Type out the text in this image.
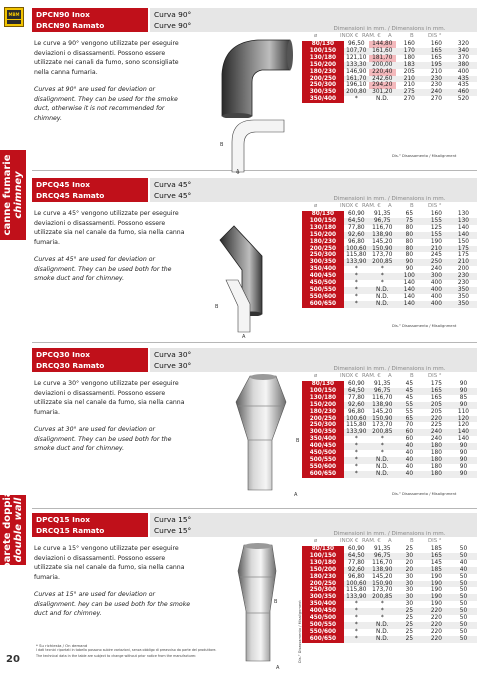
MBM
canne fumarie chimney
parete doppia double wall
DPCN90 Inox
DRCN90 Ramato
Curva 90°
Curve 90°
Le curve a 90° vengono utilizzate per eseguire deviazioni o disassamenti. Possono essere utilizzate nei canali da fumo, sono sconsigliate nella canna fumaria.
Curves at 90° are used for deviation or disalignment. They can be used for the smoke duct, otherwise it is not recommended for chimney.
Dimensioni in mm. / Dimensions in mm.
ø	INOX € RAM. €	A	B	DIS °
80/130	96,50	144,80	160	160	320
100/150	107,70	161,60	170	165	340
130/180	121,10	181,70	180	165	370
150/200	133,30	200,00	183	195	380
180/230	146,90	220,40	205	210	400
200/250	161,70	242,60	210	230	435
250/300	196,10	294,20	210	230	435
300/350	200,80	301,20	275	240	460
350/400	*	N.D.	270	270	520
Dis.° Disassamento / Misalignment
A
B
DPCQ45 Inox
DRCQ45 Ramato
Curva 45°
Curve 45°
Le curve a 45° vengono utilizzate per eseguire deviazioni o disassamenti. Possono essere utilizzate sia nel canale da fumo, sia nella canna fumaria.
Curves at 45° are used for deviation or disalignment. They can be used both for the smoke duct and for chimney.
Dimensioni in mm. / Dimensions in mm.
ø	INOX € RAM. €	A	B	DIS °
80/130	60,90	91,35	65	160	130
100/150	64,50	96,75	75	155	130
130/180	77,80	116,70	80	125	140
150/200	92,60	138,90	80	155	140
180/230	96,80	145,20	80	190	150
200/250	100,60	150,90	80	210	175
250/300	115,80	173,70	80	245	175
300/350	133,90	200,85	90	250	210
350/400	*	*	90	240	200
400/450	*	*	100	300	230
450/500	*	*	140	400	230
500/550	*	N.D.	140	400	350
550/600	*	N.D.	140	400	350
600/650	*	N.D.	140	400	350
Dis.° Disassamento / Misalignment
B
A
DPCQ30 Inox
DRCQ30 Ramato
Curva 30°
Curve 30°
Le curve a 30° vengono utilizzate per eseguire deviazioni o disassamenti. Possono essere utilizzate sia nel canale da fumo, sia nella canna fumaria.
Curves at 30° are used for deviation or disalignment. They can be used both for the smoke duct and for chimney.
Dimensioni in mm. / Dimensions in mm.
ø	INOX € RAM. €	A	B	DIS °
80/130	60,90	91,35	45	175	90
100/150	64,50	96,75	45	165	90
130/180	77,80	116,70	45	165	85
150/200	92,60	138,90	55	205	90
180/230	96,80	145,20	55	205	110
200/250	100,60	150,90	65	220	120
250/300	115,80	173,70	70	225	120
300/350	133,90	200,85	60	240	140
350/400	*	*	60	240	140
400/450	*	*	40	180	90
450/500	*	*	40	180	90
500/550	*	N.D.	40	180	90
550/600	*	N.D.	40	180	90
600/650	*	N.D.	40	180	90
Dis.° Disassamento / Misalignment
B
A
DPCQ15 Inox
DRCQ15 Ramato
Curva 15°
Curve 15°
Le curve a 15° vengono utilizzate per eseguire deviazioni o disassamenti. Possono essere utilizzate sia nel canale da fumo, sia nella canna fumaria.
Curves at 15° are used for deviation or disalignment. hey can be used both for the smoke duct and for chimney.
Dimensioni in mm. / Dimensions in mm.
ø	INOX € RAM. €	A	B	DIS °
80/130	60,90	91,35	25	185	50
100/150	64,50	96,75	30	165	50
130/180	77,80	116,70	20	145	40
150/200	92,60	138,90	20	185	40
180/230	96,80	145,20	30	190	50
200/250	100,60	150,90	30	190	50
250/300	115,80	173,70	30	190	50
300/350	133,90	200,85	30	190	50
350/400	*	*	30	190	50
400/450	*	*	25	220	50
450/500	*	*	25	220	50
500/550	*	N.D.	25	220	50
550/600	*	N.D.	25	220	50
600/650	*	N.D.	25	220	50
Dis.° Disassamento / Misalignment
B
A
20
* Su richiesta / On demand
I dati tecnici riportati in tabella possono subire variazioni, senza obbligo di preavviso da parte del produttore.
The technical data in the table are subject to change without prior notice from the manufacturer.
